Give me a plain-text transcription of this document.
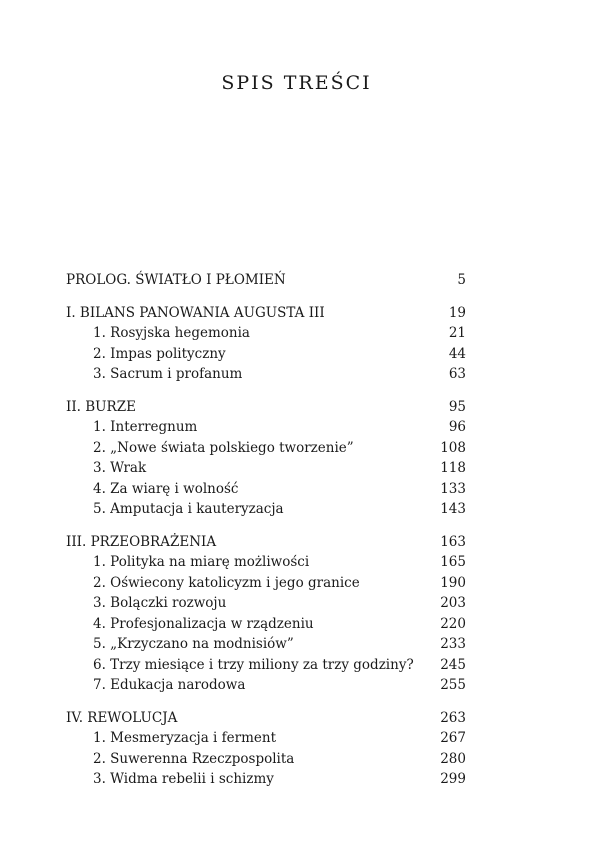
SPIS TREŚCI
PROLOG. ŚWIATŁO I PŁOMIEŃ	5
I. BILANS PANOWANIA AUGUSTA III	19
1. Rosyjska hegemonia	21
2. Impas polityczny	44
3. Sacrum i profanum	63
II. BURZE	95
1. Interregnum	96
2. „Nowe świata polskiego tworzenie”	108
3. Wrak	118
4. Za wiarę i wolność	133
5. Amputacja i kauteryzacja	143
III. PRZEOBRAŻENIA	163
1. Polityka na miarę możliwości	165
2. Oświecony katolicyzm i jego granice	190
3. Bolączki rozwoju	203
4. Profesjonalizacja w rządzeniu	220
5. „Krzyczano na modnisiów”	233
6. Trzy miesiące i trzy miliony za trzy godziny? 245
7. Edukacja narodowa	255
IV. REWOLUCJA	263
1. Mesmeryzacja i ferment	267
2. Suwerenna Rzeczpospolita	280
3. Widma rebelii i schizmy	299
